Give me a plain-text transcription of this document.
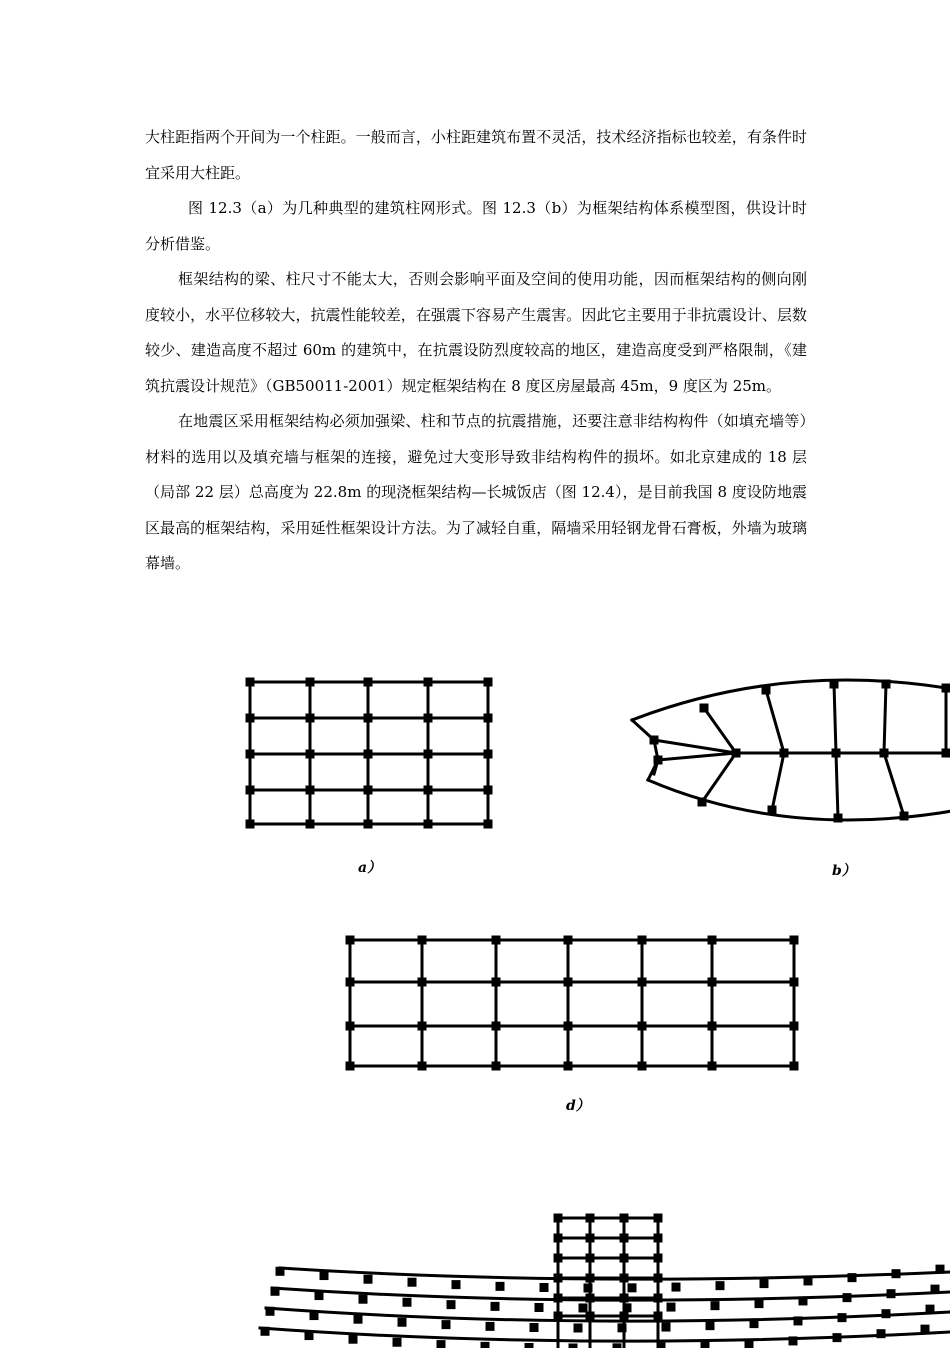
大柱距指两个开间为一个柱距。一般而言，小柱距建筑布置不灵活，技术经济指标也较差，有条件时宜采用大柱距。

图 12.3（a）为几种典型的建筑柱网形式。图 12.3（b）为框架结构体系模型图，供设计时分析借鉴。

框架结构的梁、柱尺寸不能太大，否则会影响平面及空间的使用功能，因而框架结构的侧向刚度较小，水平位移较大，抗震性能较差，在强震下容易产生震害。因此它主要用于非抗震设计、层数较少、建造高度不超过 60m 的建筑中，在抗震设防烈度较高的地区，建造高度受到严格限制，《建筑抗震设计规范》（GB50011-2001）规定框架结构在 8 度区房屋最高 45m，9 度区为 25m。

在地震区采用框架结构必须加强梁、柱和节点的抗震措施，还要注意非结构构件（如填充墙等）材料的选用以及填充墙与框架的连接，避免过大变形导致非结构构件的损坏。如北京建成的 18 层（局部 22 层）总高度为 22.8m 的现浇框架结构—长城饭店（图 12.4），是目前我国 8 度设防地震区最高的框架结构，采用延性框架设计方法。为了减轻自重，隔墙采用轻钢龙骨石膏板，外墙为玻璃幕墙。

a）	b）
d）
